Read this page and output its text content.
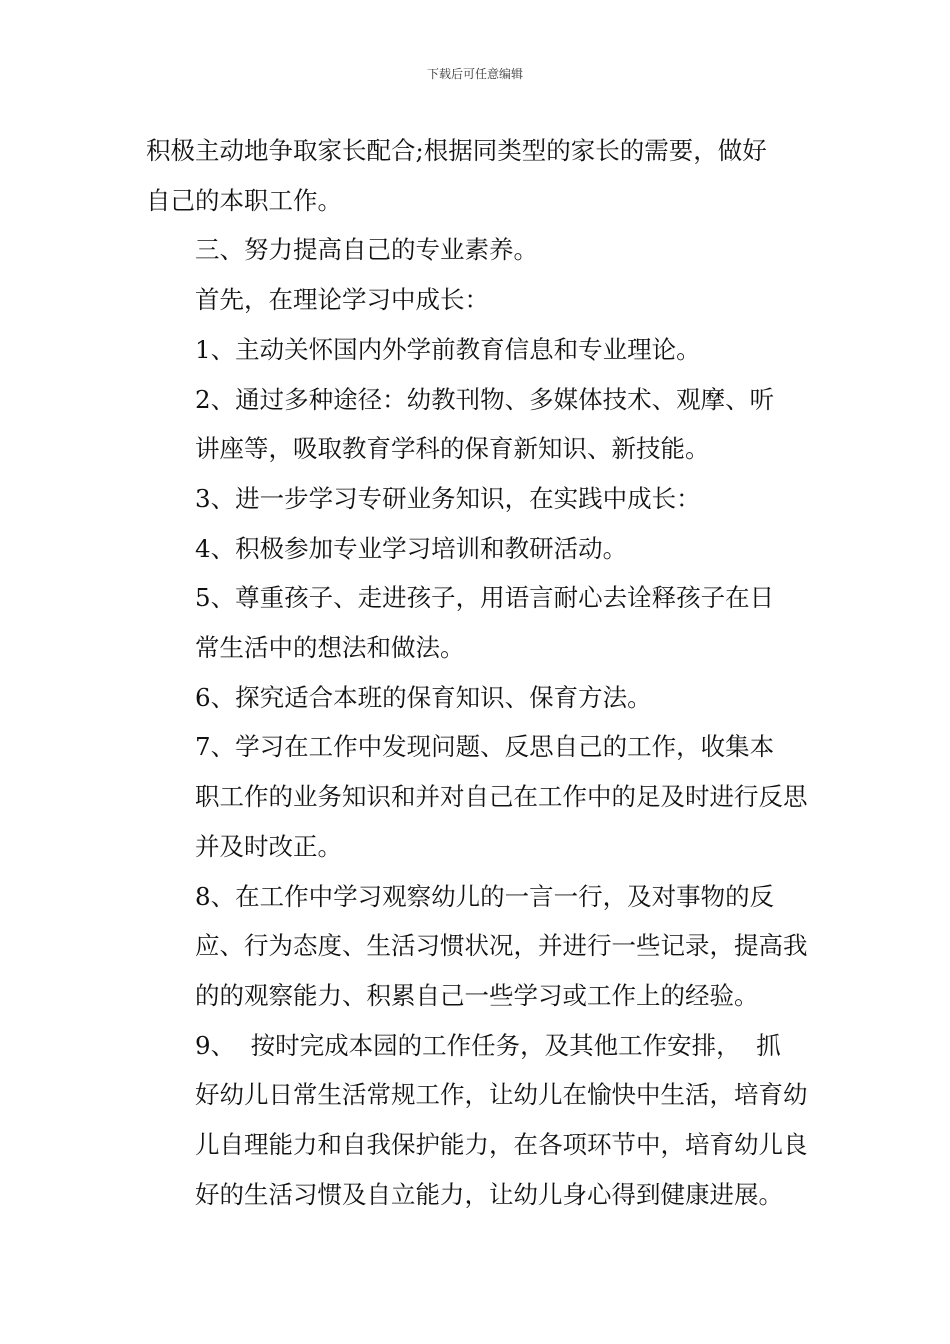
下载后可任意编辑

积极主动地争取家长配合;根据同类型的家长的需要，做好
自己的本职工作。

三、努力提高自己的专业素养。

首先，在理论学习中成长：

1、主动关怀国内外学前教育信息和专业理论。

2、通过多种途径：幼教刊物、多媒体技术、观摩、听
讲座等，吸取教育学科的保育新知识、新技能。

3、进一步学习专研业务知识，在实践中成长：

4、积极参加专业学习培训和教研活动。

5、尊重孩子、走进孩子，用语言耐心去诠释孩子在日
常生活中的想法和做法。

6、探究适合本班的保育知识、保育方法。

7、学习在工作中发现问题、反思自己的工作，收集本
职工作的业务知识和并对自己在工作中的足及时进行反思
并及时改正。

8、在工作中学习观察幼儿的一言一行，及对事物的反
应、行为态度、生活习惯状况，并进行一些记录，提高我
的的观察能力、积累自己一些学习或工作上的经验。

9、  按时完成本园的工作任务，及其他工作安排，  抓
好幼儿日常生活常规工作，让幼儿在愉快中生活，培育幼
儿自理能力和自我保护能力，在各项环节中，培育幼儿良
好的生活习惯及自立能力，让幼儿身心得到健康进展。
